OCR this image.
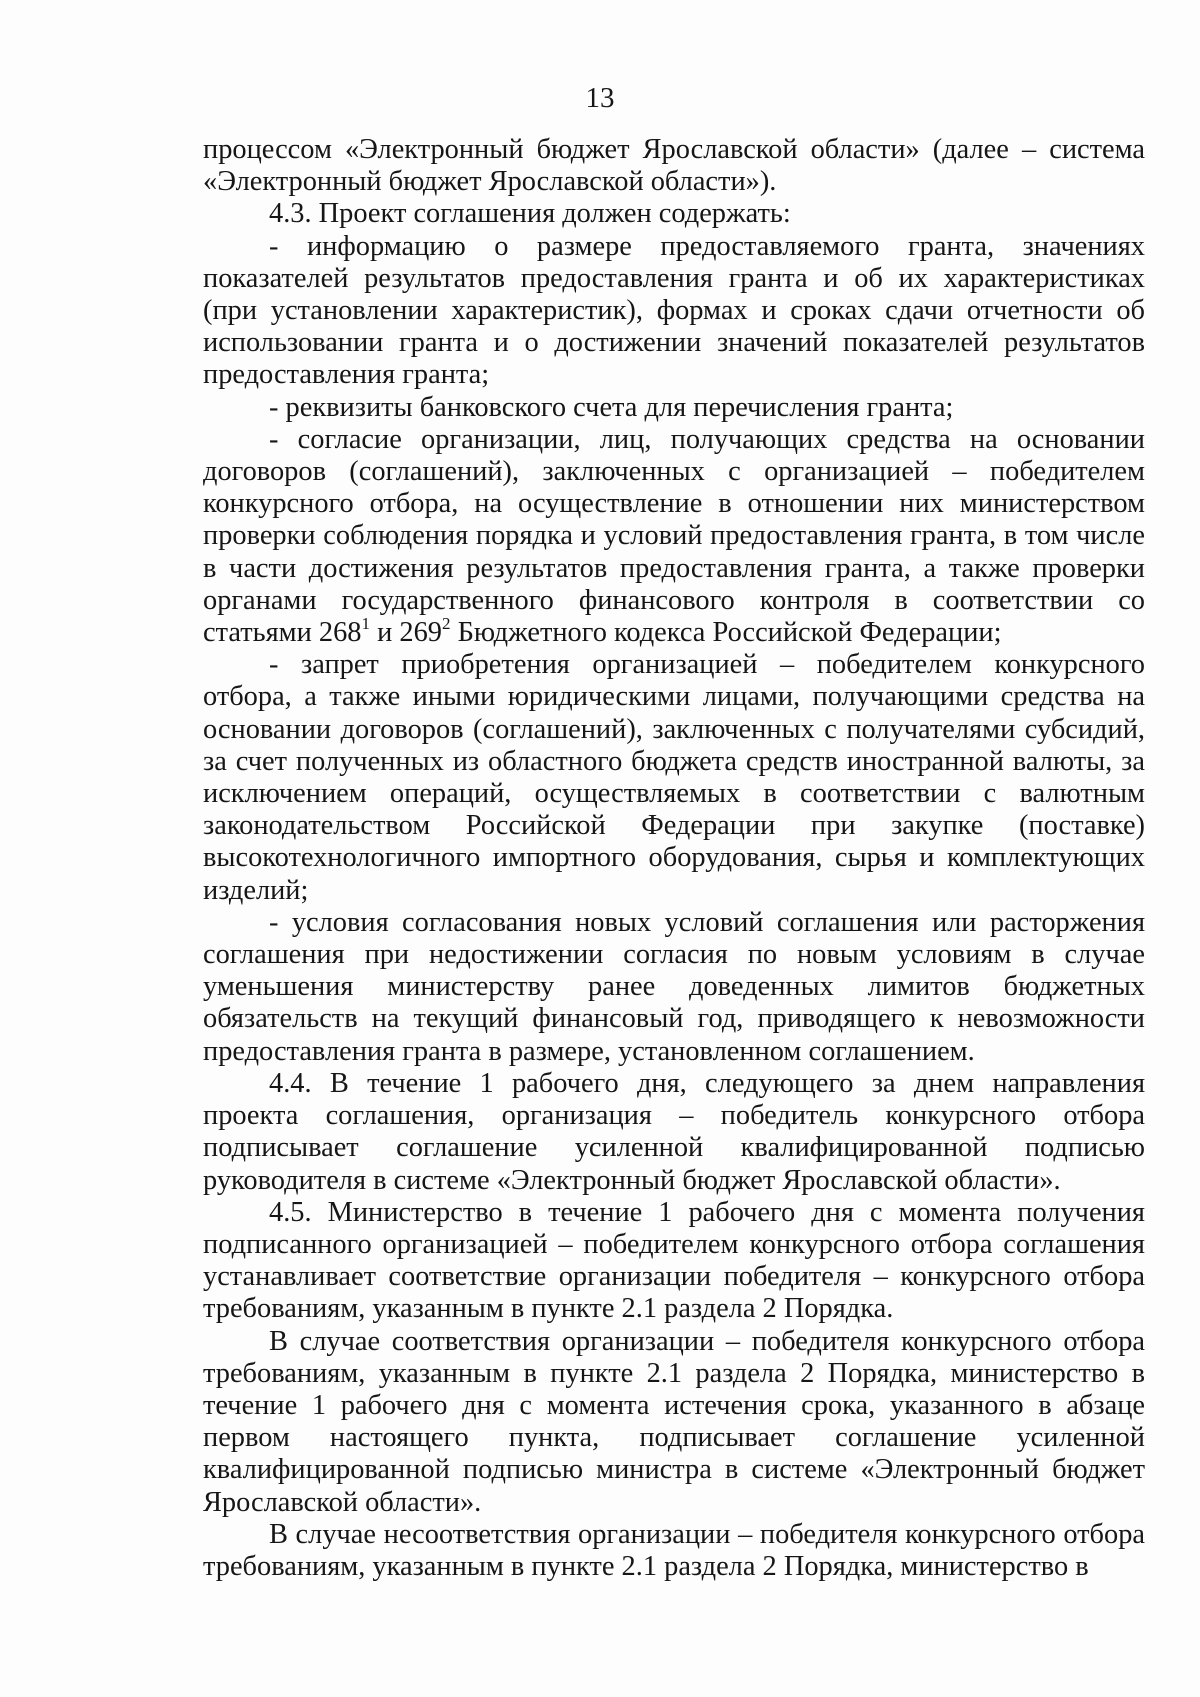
13

процессом «Электронный бюджет Ярославской области» (далее – система «Электронный бюджет Ярославской области»).

4.3. Проект соглашения должен содержать:

- информацию о размере предоставляемого гранта, значениях показателей результатов предоставления гранта и об их характеристиках (при установлении характеристик), формах и сроках сдачи отчетности об использовании гранта и о достижении значений показателей результатов предоставления гранта;

- реквизиты банковского счета для перечисления гранта;

- согласие организации, лиц, получающих средства на основании договоров (соглашений), заключенных с организацией – победителем конкурсного отбора, на осуществление в отношении них министерством проверки соблюдения порядка и условий предоставления гранта, в том числе в части достижения результатов предоставления гранта, а также проверки органами государственного финансового контроля в соответствии со статьями $268^1$ и $269^2$ Бюджетного кодекса Российской Федерации;

- запрет приобретения организацией – победителем конкурсного отбора, а также иными юридическими лицами, получающими средства на основании договоров (соглашений), заключенных с получателями субсидий, за счет полученных из областного бюджета средств иностранной валюты, за исключением операций, осуществляемых в соответствии с валютным законодательством Российской Федерации при закупке (поставке) высокотехнологичного импортного оборудования, сырья и комплектующих изделий;

- условия согласования новых условий соглашения или расторжения соглашения при недостижении согласия по новым условиям в случае уменьшения министерству ранее доведенных лимитов бюджетных обязательств на текущий финансовый год, приводящего к невозможности предоставления гранта в размере, установленном соглашением.

4.4. В течение 1 рабочего дня, следующего за днем направления проекта соглашения, организация – победитель конкурсного отбора подписывает соглашение усиленной квалифицированной подписью руководителя в системе «Электронный бюджет Ярославской области».

4.5. Министерство в течение 1 рабочего дня с момента получения подписанного организацией – победителем конкурсного отбора соглашения устанавливает соответствие организации победителя – конкурсного отбора требованиям, указанным в пункте 2.1 раздела 2 Порядка.

В случае соответствия организации – победителя конкурсного отбора требованиям, указанным в пункте 2.1 раздела 2 Порядка, министерство в течение 1 рабочего дня с момента истечения срока, указанного в абзаце первом настоящего пункта, подписывает соглашение усиленной квалифицированной подписью министра в системе «Электронный бюджет Ярославской области».

В случае несоответствия организации – победителя конкурсного отбора требованиям, указанным в пункте 2.1 раздела 2 Порядка, министерство в
